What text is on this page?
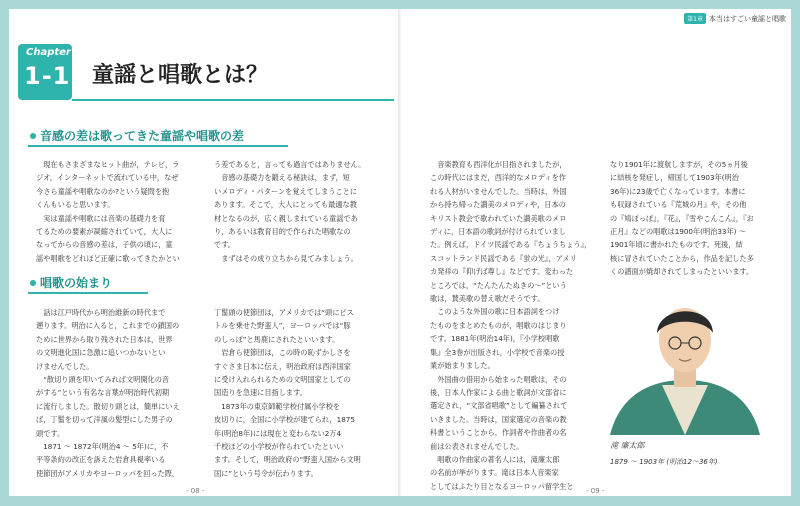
第1章 本当はすごい童謡と唱歌
Chapter
1-1 童謡と唱歌とは？
音感の差は歌ってきた童謡や唱歌の差
　現在もさまざまなヒット曲が，テレビ，ラ
ジオ，インターネットで流れている中，なぜ
今さら童謡や唱歌なのか?という疑問を抱
くんもいると思います。
　実は童謡や唱歌には音楽の基礎力を育
てるための要素が凝縮されていて，大人に
なってからの音感の差は，子供の頃に，童
謡や唱歌をどれほど正確に歌ってきたかとい
う差であると，言っても過言ではありません。
　音感の基礎力を鍛える秘訣は，まず，短
いメロディ・パターンを覚えてしまうことに
あります。そこで，大人にとっても最適な教
材となるのが，広く親しまれている童謡であ
り，あるいは教育目的で作られた唱歌なの
です。
　まずはその成り立ちから見てみましょう。
唱歌の始まり
　話は江戸時代から明治維新の時代まで
遡ります。明治に入ると，これまでの鎖国の
ために世界から取り残された日本は，世界
の文明進化国に急激に追いつかないとい
けませんでした。
　“散切り頭を叩いてみれば文明開化の音
がする”という有名な言葉が明治時代初期
に流行しました。散切り頭とは，簡単にいえ
ば，丁髷を切って洋風の髪型にした男子の
頭です。
　1871 ～ 1872年(明治4 ～ 5年)に，不
平等条約の改正を訴えた岩倉具視率いる
使節団がアメリカやヨーロッパを回った際，
丁髷頭の使節団は，アメリカでは“頭にピス
トルを乗せた野蛮人”，ヨーロッパでは“豚
のしっぽ”と馬鹿にされたといいます。
　岩倉ら使節団は，この時の恥ずかしさを
すぐさま日本に伝え，明治政府は西洋国家
に受け入れられるための文明国家としての
国造りを急速に目指します。
　1873年の東京師範学校付属小学校を
皮切りに，全国に小学校が建てられ，1875
年(明治8年)には現在と変わらない2万4
千校ほどの小学校が作られていたといい
ます。そして，明治政府の“野蛮人国から文明
国に”という号令が伝わります。
　音楽教育も西洋化が目指されましたが，
この時代にはまだ，西洋的なメロディを作
れる人材がいませんでした。当時は，外国
から持ち帰った讃美のメロディや，日本の
キリスト教会で歌われていた讃美歌のメロ
ディに，日本語の歌詞が付けられていまし
た。例えば，ドイツ民謡である『ちょうちょう』，
スコットランド民謡である『蛍の光』，アメリ
カ発祥の『仰げば尊し』などです。変わった
ところでは，“たんたんたぬきの～”という
歌は，賛美歌の替え歌だそうです。
　このような外国の歌に日本語詞をつけ
たものをまとめたものが，唱歌のはじまり
です。1881年(明治14年)，『小学校唱歌
集』全3巻が出版され，小学校で音楽の授
業が始まりました。
　外国曲の借用から始まった唱歌は，その
後，日本人作家による曲と歌詞が文部省に
選定され，“文部省唱歌”として編纂されて
いきました。当時は，国家選定の音楽の教
科書ということから，作詞者や作曲者の名
前は公表されませんでした。
　唱歌の作曲家の著名人には，滝廉太郎
の名前が挙がります。滝は日本人音楽家
としてはふたり目となるヨーロッパ留学生と
なり1901年に渡航しますが，その5ヵ月後
に結核を発症し，帰国して1903年(明治
36年)に23歳で亡くなっています。本書に
も収録されている『荒城の月』や，その他
の『鳩ぽっぽ』，『花』，『雪やこんこん』，『お
正月』などの唱歌は1900年(明治33年) ～
1901年頃に書かれたものです。死後，結
核に冒されていたことから，作品を記した多
くの譜面が焼却されてしまったといいます。
滝 廉太郎
1879 ～ 1903年 (明治12～36年)
- 08 -	- 09 -
